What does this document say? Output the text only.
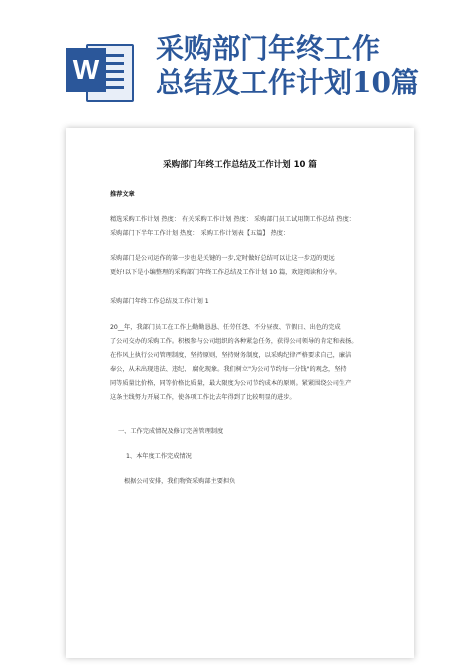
W
采购部门年终工作
总结及工作计划10篇
采购部门年终工作总结及工作计划 10 篇
推荐文章
精选采购工作计划 热度： 有关采购工作计划 热度： 采购部门员工试用期工作总结 热度：
采购部门下半年工作计划 热度： 采购工作计划表【五篇】 热度：
采购部门是公司运作的第一步也是关键的一步,定时做好总结可以让这一步迈的更远
更好!以下是小编整理的采购部门年终工作总结及工作计划 10 篇，欢迎阅读和分享。
采购部门年终工作总结及工作计划 1
20__年，我部门员工在工作上勤勤恳恳、任劳任怨、不分昼夜、节假日、出色的完成
了公司交办的采购工作。积极参与公司组织的各种紧急任务，获得公司领导的肯定和表扬。
在作风上执行公司管理制度，坚持原则，坚持财务制度，以采购纪律严格要求自己，廉洁
奉公，从未出现违法、违纪、 腐化现象。我们树立"为公司节约每一分钱"的观念，坚持
同等质量比价格，同等价格比质量，最大限度为公司节约成本的原则。紧紧围绕公司生产
这条主线努力开展工作，使各项工作比去年得到了比较明显的进步。
一、工作完成情况及修订完善管理制度
1、本年度工作完成情况
根据公司安排，我们物资采购部主要担负
